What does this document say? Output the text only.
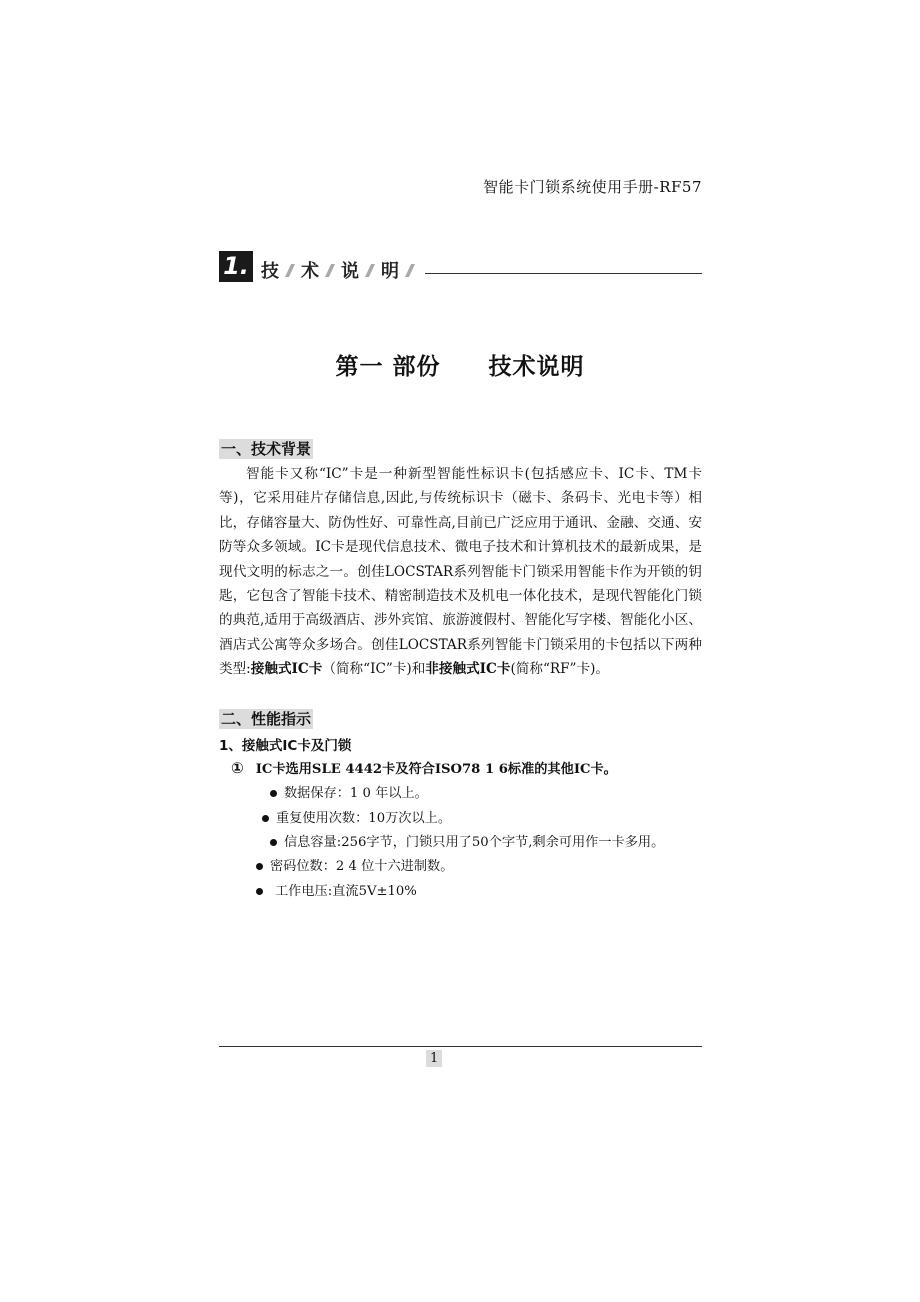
智能卡门锁系统使用手册-RF57
1. 技 术 说 明
第一 部份　　技术说明
一、技术背景

智能卡又称“IC”卡是一种新型智能性标识卡(包括感应卡、IC卡、TM卡等)，它采用硅片存储信息,因此,与传统标识卡（磁卡、条码卡、光电卡等）相比，存储容量大、防伪性好、可靠性高,目前已广泛应用于通讯、金融、交通、安防等众多领域。IC卡是现代信息技术、微电子技术和计算机技术的最新成果，是现代文明的标志之一。创佳LOCSTAR系列智能卡门锁采用智能卡作为开锁的钥匙，它包含了智能卡技术、精密制造技术及机电一体化技术，是现代智能化门锁的典范,适用于高级酒店、涉外宾馆、旅游渡假村、智能化写字楼、智能化小区、酒店式公寓等众多场合。创佳LOCSTAR系列智能卡门锁采用的卡包括以下两种类型:接触式IC卡（简称“IC”卡)和非接触式IC卡(简称“RF”卡)。

二、性能指示
1、接触式IC卡及门锁
① IC卡选用SLE 4442卡及符合ISO78 1 6标准的其他IC卡。
数据保存：1 0 年以上。
重复使用次数：10万次以上。
信息容量:256字节，门锁只用了50个字节,剩余可用作一卡多用。
密码位数：2 4 位十六进制数。
工作电压:直流5V±10%
1
